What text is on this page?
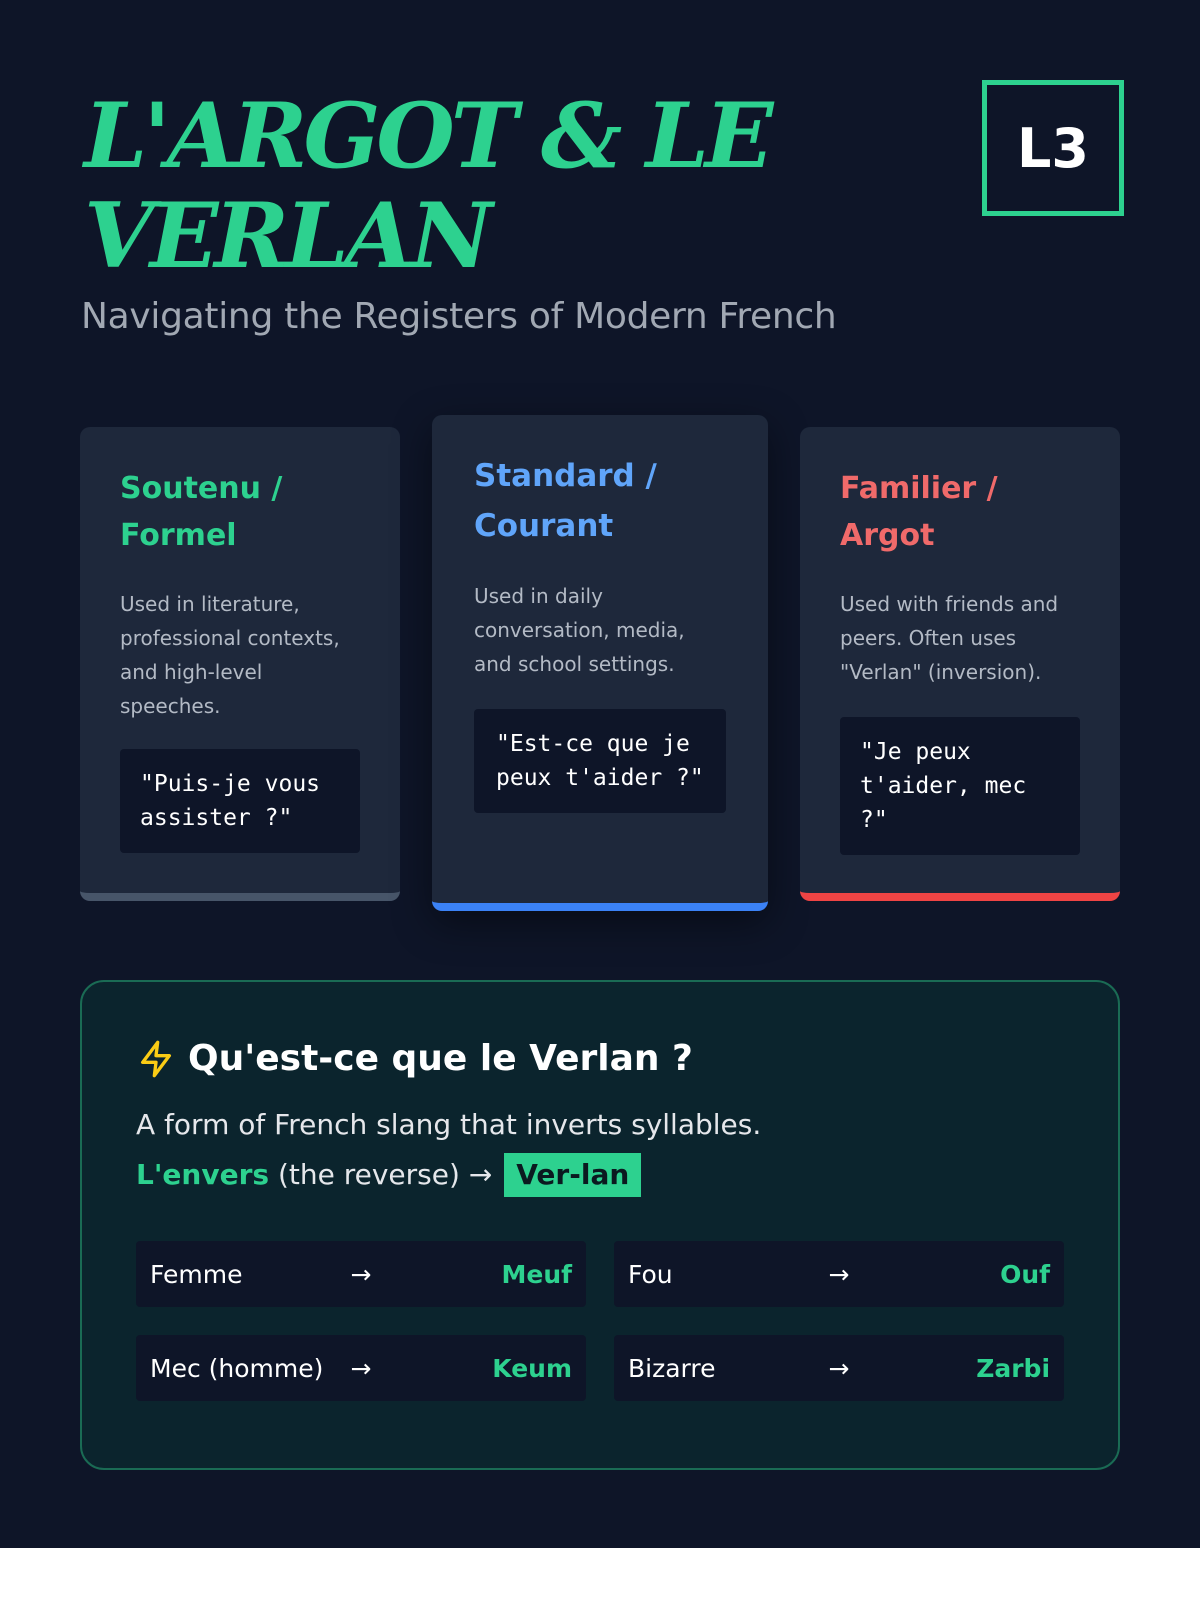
L'ARGOT & LE VERLAN
Navigating the Registers of Modern French
L3
Soutenu / Formel

Used in literature, professional contexts, and high-level speeches.

"Puis-je vous assister ?"
Standard / Courant

Used in daily conversation, media, and school settings.

"Est-ce que je peux t'aider ?"
Familier / Argot

Used with friends and peers. Often uses "Verlan" (inversion).

"Je peux t'aider, mec ?"
Qu'est-ce que le Verlan ?

A form of French slang that inverts syllables.

L'envers (the reverse) → Ver-lan
Femme	→	Meuf Fou	→	Ouf
Mec (homme)	→	Keum Bizarre	→	Zarbi
